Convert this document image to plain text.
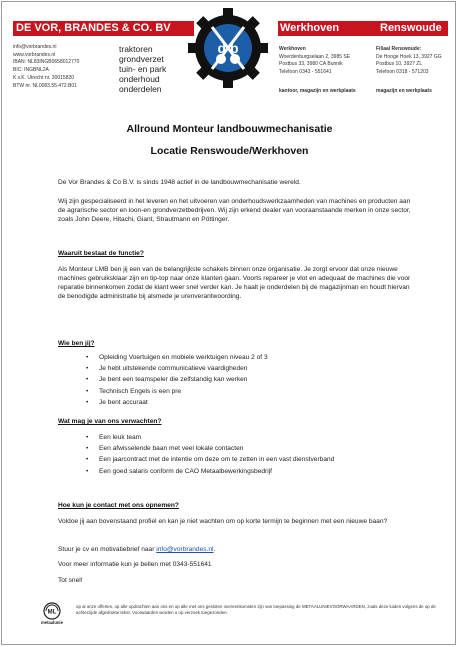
DE VOR, BRANDES & CO. BV	Werkhoven	Renswoude
d b
info@vorbrandes.nl
www.vorbrandes.nl
IBAN: NL83INGB0658012770
BIC: INGBNL2A
K.v.K. Utrecht nr. 30015820
BTW nr. NL0083.55.472.B01
traktoren
grondverzet
tuin- en park
onderhoud
onderdelen
Werkhoven
Woerdenburgselaan 2, 3985 SE
Postbus 33, 3980 CA Bunnik
Telefoon 0343 - 551641
kantoor, magazijn en werkplaats
Filiaal Renswoude:
De Hooge Hoek 13, 3927 GG
Postbus 10, 3927 ZL
Telefoon 0318 - 571203
magazijn en werkplaats
Allround Monteur landbouwmechanisatie
Locatie Renswoude/Werkhoven

De Vor Brandes & Co B.V. is sinds 1948 actief in de landbouwmechanisatie wereld.

Wij zijn gespecialiseerd in het leveren en het uitvoeren van onderhoudswerkzaamheden van machines en producten aan de agrarische sector en loon-en grondverzetbedrijven. Wij zijn erkend dealer van vooraanstaande merken in onze sector, zoals John Deere, Hitachi, Giant, Strautmann en Pöttinger.

Waaruit bestaat de functie?

Als Monteur LMB ben jij een van de belangrijkste schakels binnen onze organisatie. Je zorgt ervoor dat onze nieuwe machines gebruiksklaar zijn en tip-top naar onze klanten gaan. Voorts repareer je vlot en adequaat de machines die voor reparatie binnenkomen zodat de klant weer snel verder kan. Je haalt je onderdelen bij de magazijnman en houdt hiervan de benodigde administratie bij alsmede je urenverantwoording.

Wie ben jij?
• Opleiding Voertuigen en mobiele werktuigen niveau 2 of 3
• Je hebt uitstekende communicatieve vaardigheden
• Je bent een teamspeler die zelfstandig kan werken
• Technisch Engels is een pre
• Je bent accuraat
Wat mag je van ons verwachten?
• Een leuk team
• Een afwisselende baan met veel lokale contacten
• Een jaarcontract met de intentie om deze om te zetten in een vast dienstverband
• Een goed salaris conform de CAO Metaalbewerkingsbedrijf
Hoe kun je contact met ons opnemen?

Voldoe jij aan bovenstaand profiel en kan je niet wachten om op korte termijn te beginnen met een nieuwe baan?

Stuur je cv en motivatiebrief naar info@vorbrandes.nl.

Voor meer informatie kun je bellen met 0343-551641

Tot snel!

ML
metaalunie
op al onze offertes, op alle opdrachten aan ons en op alle met ons gesloten overeenkomsten zijn van toepassing de METAALUNIEVOORWAARDEN, zoals deze luiden volgens de op de achterzijde afgedrukte tekst. Voorwaarden worden u op verzoek toegezonden.
